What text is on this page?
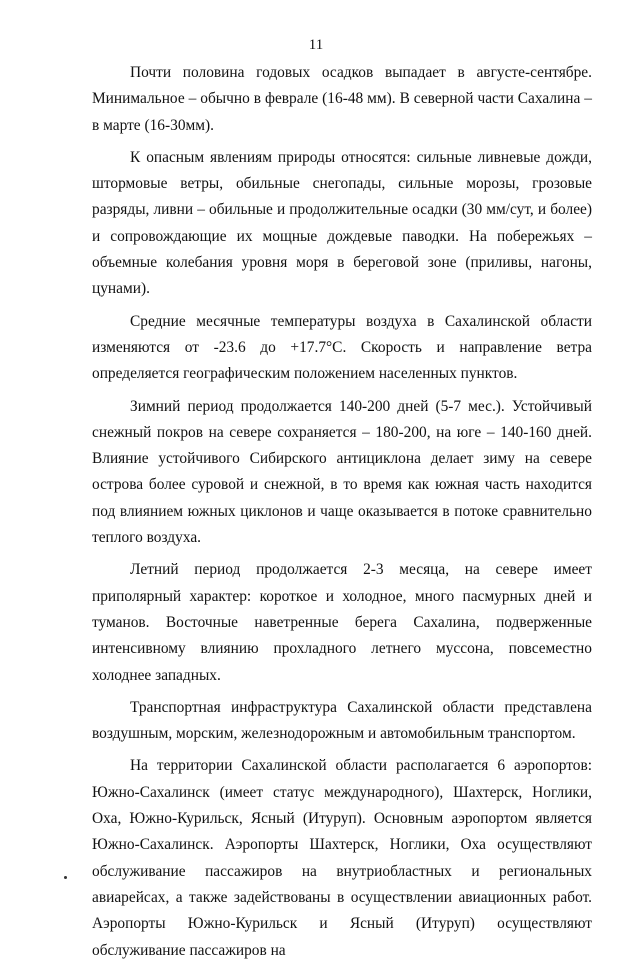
11

Почти половина годовых осадков выпадает в августе-сентябре. Минимальное – обычно в феврале (16-48 мм). В северной части Сахалина – в марте (16-30мм).

К опасным явлениям природы относятся: сильные ливневые дожди, штормовые ветры, обильные снегопады, сильные морозы, грозовые разряды, ливни – обильные и продолжительные осадки (30 мм/сут, и более) и сопровождающие их мощные дождевые паводки. На побережьях – объемные колебания уровня моря в береговой зоне (приливы, нагоны, цунами).

Средние месячные температуры воздуха в Сахалинской области изменяются от -23.6 до +17.7°С. Скорость и направление ветра определяется географическим положением населенных пунктов.

Зимний период продолжается 140-200 дней (5-7 мес.). Устойчивый снежный покров на севере сохраняется – 180-200, на юге – 140-160 дней. Влияние устойчивого Сибирского антициклона делает зиму на севере острова более суровой и снежной, в то время как южная часть находится под влиянием южных циклонов и чаще оказывается в потоке сравнительно теплого воздуха.

Летний период продолжается 2-3 месяца, на севере имеет приполярный характер: короткое и холодное, много пасмурных дней и туманов. Восточные наветренные берега Сахалина, подверженные интенсивному влиянию прохладного летнего муссона, повсеместно холоднее западных.

Транспортная инфраструктура Сахалинской области представлена воздушным, морским, железнодорожным и автомобильным транспортом.

На территории Сахалинской области располагается 6 аэропортов: Южно-Сахалинск (имеет статус международного), Шахтерск, Ноглики, Оха, Южно-Курильск, Ясный (Итуруп). Основным аэропортом является Южно-Сахалинск. Аэропорты Шахтерск, Ноглики, Оха осуществляют обслуживание пассажиров на внутриобластных и региональных авиарейсах, а также задействованы в осуществлении авиационных работ. Аэропорты Южно-Курильск и Ясный (Итуруп) осуществляют обслуживание пассажиров на
